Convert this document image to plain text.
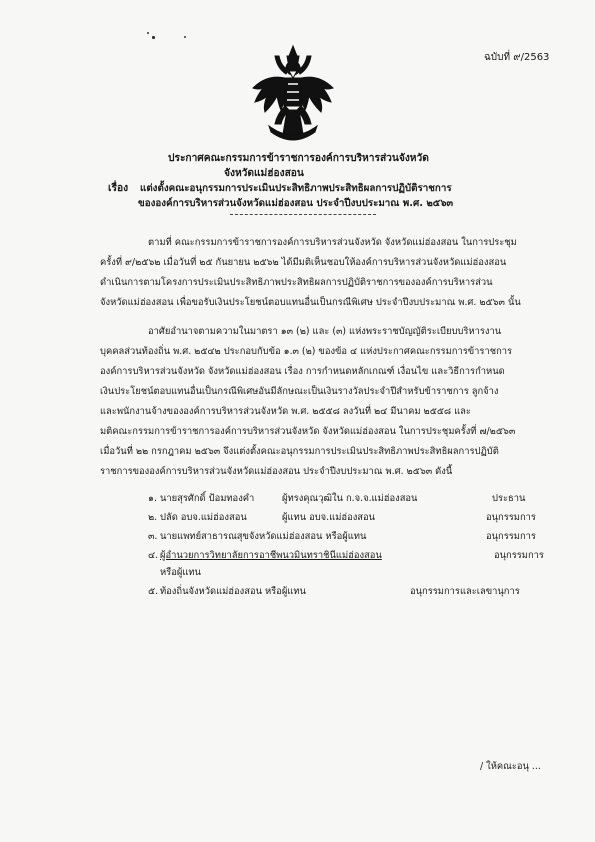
ฉบับที่ ๙/2563
ประกาศคณะกรรมการข้าราชการองค์การบริหารส่วนจังหวัด
จังหวัดแม่ฮ่องสอน
เรื่อง แต่งตั้งคณะอนุกรรมการประเมินประสิทธิภาพประสิทธิผลการปฏิบัติราชการ
ขององค์การบริหารส่วนจังหวัดแม่ฮ่องสอน ประจำปีงบประมาณ พ.ศ. ๒๕๖๓
ตามที่ คณะกรรมการข้าราชการองค์การบริหารส่วนจังหวัด จังหวัดแม่ฮ่องสอน ในการประชุม
ครั้งที่ ๙/๒๕๖๒ เมื่อวันที่ ๒๕ กันยายน ๒๕๖๒ ได้มีมติเห็นชอบให้องค์การบริหารส่วนจังหวัดแม่ฮ่องสอน
ดำเนินการตามโครงการประเมินประสิทธิภาพประสิทธิผลการปฏิบัติราชการขององค์การบริหารส่วน
จังหวัดแม่ฮ่องสอน เพื่อขอรับเงินประโยชน์ตอบแทนอื่นเป็นกรณีพิเศษ ประจำปีงบประมาณ พ.ศ. ๒๕๖๓ นั้น
อาศัยอำนาจตามความในมาตรา ๑๓ (๒) และ (๓) แห่งพระราชบัญญัติระเบียบบริหารงาน
บุคคลส่วนท้องถิ่น พ.ศ. ๒๕๔๒ ประกอบกับข้อ ๑.๓ (๒) ของข้อ ๔ แห่งประกาศคณะกรรมการข้าราชการ
องค์การบริหารส่วนจังหวัด จังหวัดแม่ฮ่องสอน เรื่อง การกำหนดหลักเกณฑ์ เงื่อนไข และวิธีการกำหนด
เงินประโยชน์ตอบแทนอื่นเป็นกรณีพิเศษอันมีลักษณะเป็นเงินรางวัลประจำปีสำหรับข้าราชการ ลูกจ้าง
และพนักงานจ้างขององค์การบริหารส่วนจังหวัด พ.ศ. ๒๕๕๘ ลงวันที่ ๒๔ มีนาคม ๒๕๕๘ และ
มติคณะกรรมการข้าราชการองค์การบริหารส่วนจังหวัด จังหวัดแม่ฮ่องสอน ในการประชุมครั้งที่ ๗/๒๕๖๓
เมื่อวันที่ ๒๒ กรกฎาคม ๒๕๖๓ จึงแต่งตั้งคณะอนุกรรมการประเมินประสิทธิภาพประสิทธิผลการปฏิบัติ
ราชการขององค์การบริหารส่วนจังหวัดแม่ฮ่องสอน ประจำปีงบประมาณ พ.ศ. ๒๕๖๓ ดังนี้
๑. นายสุรศักดิ์ ป้อมทองคำ	ผู้ทรงคุณวุฒิใน ก.จ.จ.แม่ฮ่องสอน	ประธาน
๒. ปลัด อบจ.แม่ฮ่องสอน	ผู้แทน อบจ.แม่ฮ่องสอน	อนุกรรมการ
๓. นายแพทย์สาธารณสุขจังหวัดแม่ฮ่องสอน หรือผู้แทน	อนุกรรมการ
๔. ผู้อำนวยการวิทยาลัยการอาชีพนวมินทราชินีแม่ฮ่องสอน	อนุกรรมการ
หรือผู้แทน
๕. ท้องถิ่นจังหวัดแม่ฮ่องสอน หรือผู้แทน	อนุกรรมการและเลขานุการ
/ ให้คณะอนุ ...
